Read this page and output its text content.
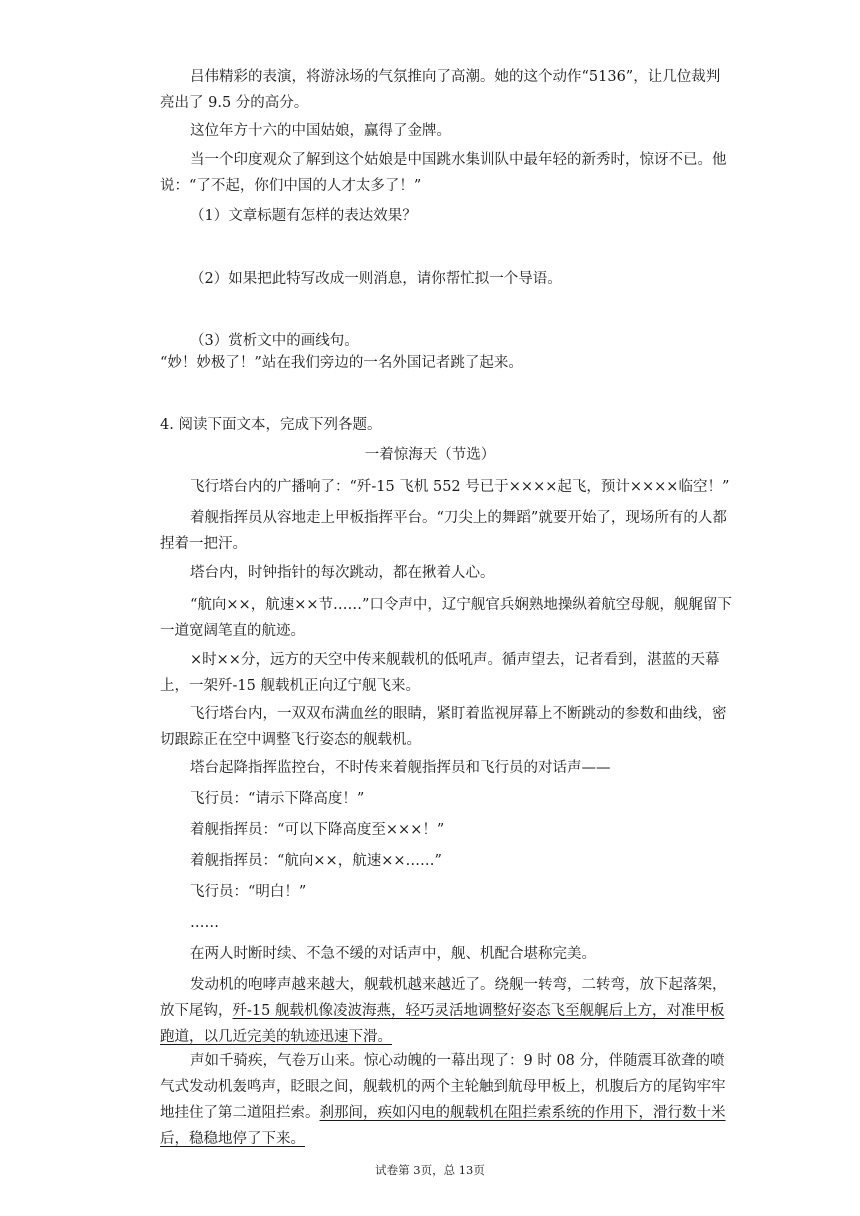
吕伟精彩的表演，将游泳场的气氛推向了高潮。她的这个动作“5136”，让几位裁判亮出了 9.5 分的高分。
这位年方十六的中国姑娘，赢得了金牌。
当一个印度观众了解到这个姑娘是中国跳水集训队中最年轻的新秀时，惊讶不已。他说：“了不起，你们中国的人才太多了！”
（1）文章标题有怎样的表达效果？
（2）如果把此特写改成一则消息，请你帮忙拟一个导语。
（3）赏析文中的画线句。
“妙！妙极了！”站在我们旁边的一名外国记者跳了起来。
4. 阅读下面文本，完成下列各题。
一着惊海天（节选）
飞行塔台内的广播响了：“歼-15 飞机 552 号已于××××起飞，预计××××临空！”
着舰指挥员从容地走上甲板指挥平台。“刀尖上的舞蹈”就要开始了，现场所有的人都捏着一把汗。
塔台内，时钟指针的每次跳动，都在揪着人心。
“航向××，航速××节……”口令声中，辽宁舰官兵娴熟地操纵着航空母舰，舰艉留下一道宽阔笔直的航迹。
×时××分，远方的天空中传来舰载机的低吼声。循声望去，记者看到，湛蓝的天幕上，一架歼-15 舰载机正向辽宁舰飞来。
飞行塔台内，一双双布满血丝的眼睛，紧盯着监视屏幕上不断跳动的参数和曲线，密切跟踪正在空中调整飞行姿态的舰载机。
塔台起降指挥监控台，不时传来着舰指挥员和飞行员的对话声——
飞行员：“请示下降高度！”
着舰指挥员：“可以下降高度至×××！”
着舰指挥员：“航向××，航速××……”
飞行员：“明白！”
……
在两人时断时续、不急不缓的对话声中，舰、机配合堪称完美。
发动机的咆哮声越来越大，舰载机越来越近了。绕舰一转弯，二转弯，放下起落架，放下尾钩，歼-15 舰载机像凌波海燕，轻巧灵活地调整好姿态飞至舰艉后上方，对准甲板跑道，以几近完美的轨迹迅速下滑。
声如千骑疾，气卷万山来。惊心动魄的一幕出现了：9 时 08 分，伴随震耳欲聋的喷气式发动机轰鸣声，眨眼之间，舰载机的两个主轮触到航母甲板上，机腹后方的尾钩牢牢地挂住了第二道阻拦索。刹那间，疾如闪电的舰载机在阻拦索系统的作用下，滑行数十米后，稳稳地停了下来。
试卷第 3页，总 13页
